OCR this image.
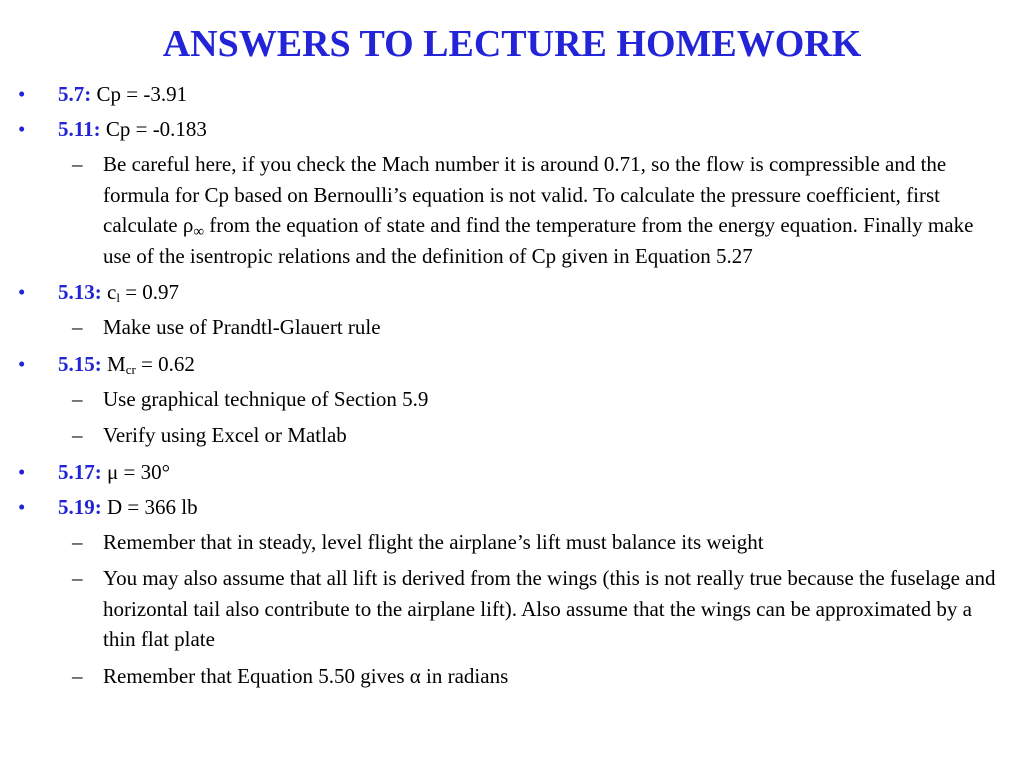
ANSWERS TO LECTURE HOMEWORK
•	5.7: Cp = -3.91
•	5.11: Cp = -0.183
– Be careful here, if you check the Mach number it is around 0.71, so the flow is compressible and the formula for Cp based on Bernoulli’s equation is not valid. To calculate the pressure coefficient, first calculate $\rho_\infty$ from the equation of state and find the temperature from the energy equation. Finally make use of the isentropic relations and the definition of Cp given in Equation 5.27
•	5.13: $c_l = 0.97$
– Make use of Prandtl-Glauert rule
•	5.15: $M_{cr} = 0.62$
– Use graphical technique of Section 5.9
– Verify using Excel or Matlab
•	5.17: μ = 30°
•	5.19: D = 366 lb
– Remember that in steady, level flight the airplane’s lift must balance its weight
– You may also assume that all lift is derived from the wings (this is not really true because the fuselage and horizontal tail also contribute to the airplane lift). Also assume that the wings can be approximated by a thin flat plate
– Remember that Equation 5.50 gives α in radians
